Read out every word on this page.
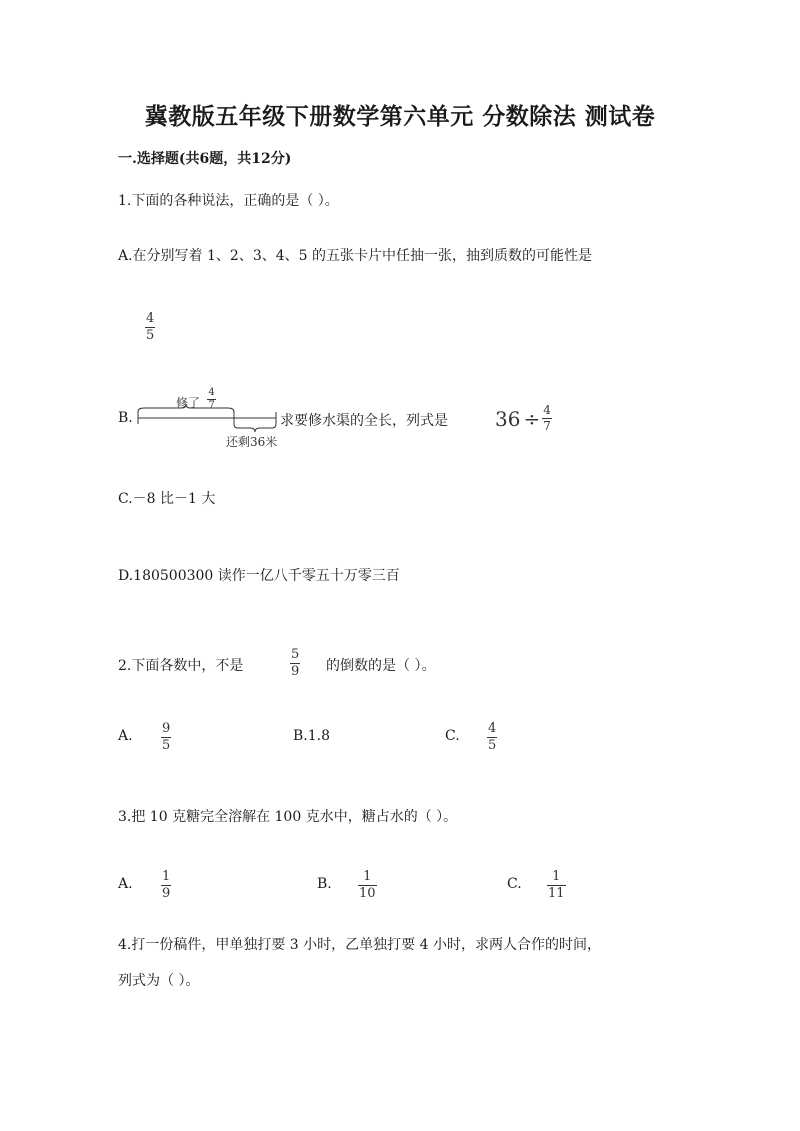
冀教版五年级下册数学第六单元 分数除法 测试卷
一.选择题(共6题，共12分)
1.下面的各种说法，正确的是（ ）。
A.在分别写着 1、2、3、4、5 的五张卡片中任抽一张，抽到质数的可能性是
4
5
B.
修了
4
7
还剩36米
求要修水渠的全长，列式是 $36 \div \frac{4}{7}$
C.－8 比－1 大
D.180500300 读作一亿八千零五十万零三百
2.下面各数中，不是
5
9 的倒数的是（ ）。
A. 9
5
B.1.8	C. 4
5
3.把 10 克糖完全溶解在 100 克水中，糖占水的（ ）。
A. 1
9
B. 1
10
C. 1
11
4.打一份稿件，甲单独打要 3 小时，乙单独打要 4 小时，求两人合作的时间，
列式为（ ）。
